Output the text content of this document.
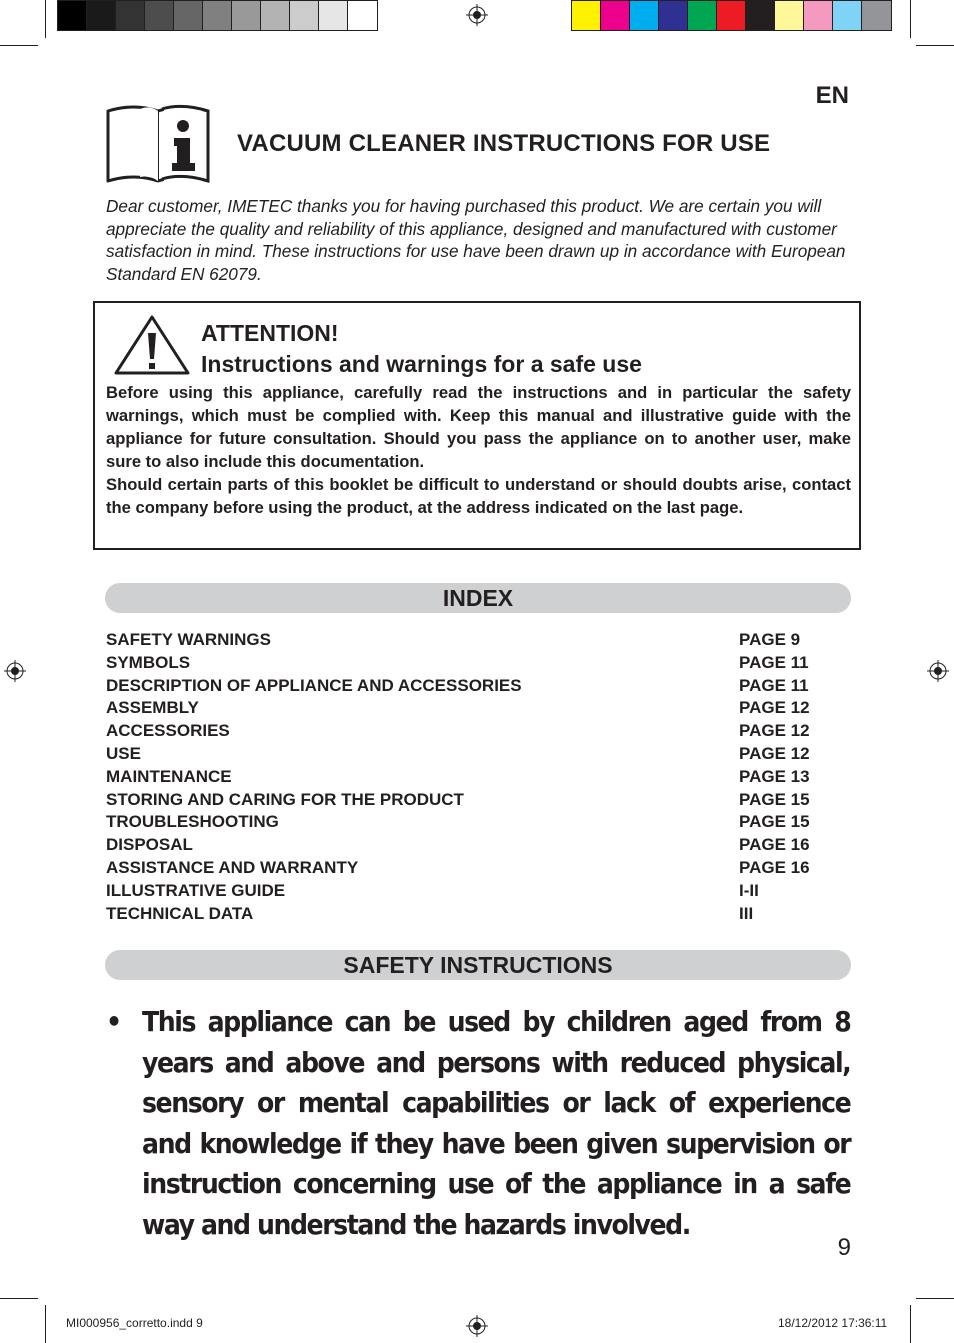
EN
VACUUM CLEANER INSTRUCTIONS FOR USE
Dear customer, IMETEC thanks you for having purchased this product. We are certain you will appreciate the quality and reliability of this appliance, designed and manufactured with customer satisfaction in mind. These instructions for use have been drawn up in accordance with European Standard EN 62079.
ATTENTION!
Instructions and warnings for a safe use

Before using this appliance, carefully read the instructions and in particular the safety warnings, which must be complied with. Keep this manual and illustrative guide with the appliance for future consultation. Should you pass the appliance on to another user, make sure to also include this documentation.

Should certain parts of this booklet be difficult to understand or should doubts arise, contact the company before using the product, at the address indicated on the last page.

INDEX
SAFETY WARNINGS	PAGE 9
SYMBOLS	PAGE 11
DESCRIPTION OF APPLIANCE AND ACCESSORIES	PAGE 11
ASSEMBLY	PAGE 12
ACCESSORIES	PAGE 12
USE	PAGE 12
MAINTENANCE	PAGE 13
STORING AND CARING FOR THE PRODUCT	PAGE 15
TROUBLESHOOTING	PAGE 15
DISPOSAL	PAGE 16
ASSISTANCE AND WARRANTY	PAGE 16
ILLUSTRATIVE GUIDE	I-II
TECHNICAL DATA	III
SAFETY INSTRUCTIONS
• This appliance can be used by children aged from 8 years and above and persons with reduced physical, sensory or mental capabilities or lack of experience and knowledge if they have been given supervision or instruction concerning use of the appliance in a safe way and understand the hazards involved.
9
MI000956_corretto.indd 9	18/12/2012 17:36:11
